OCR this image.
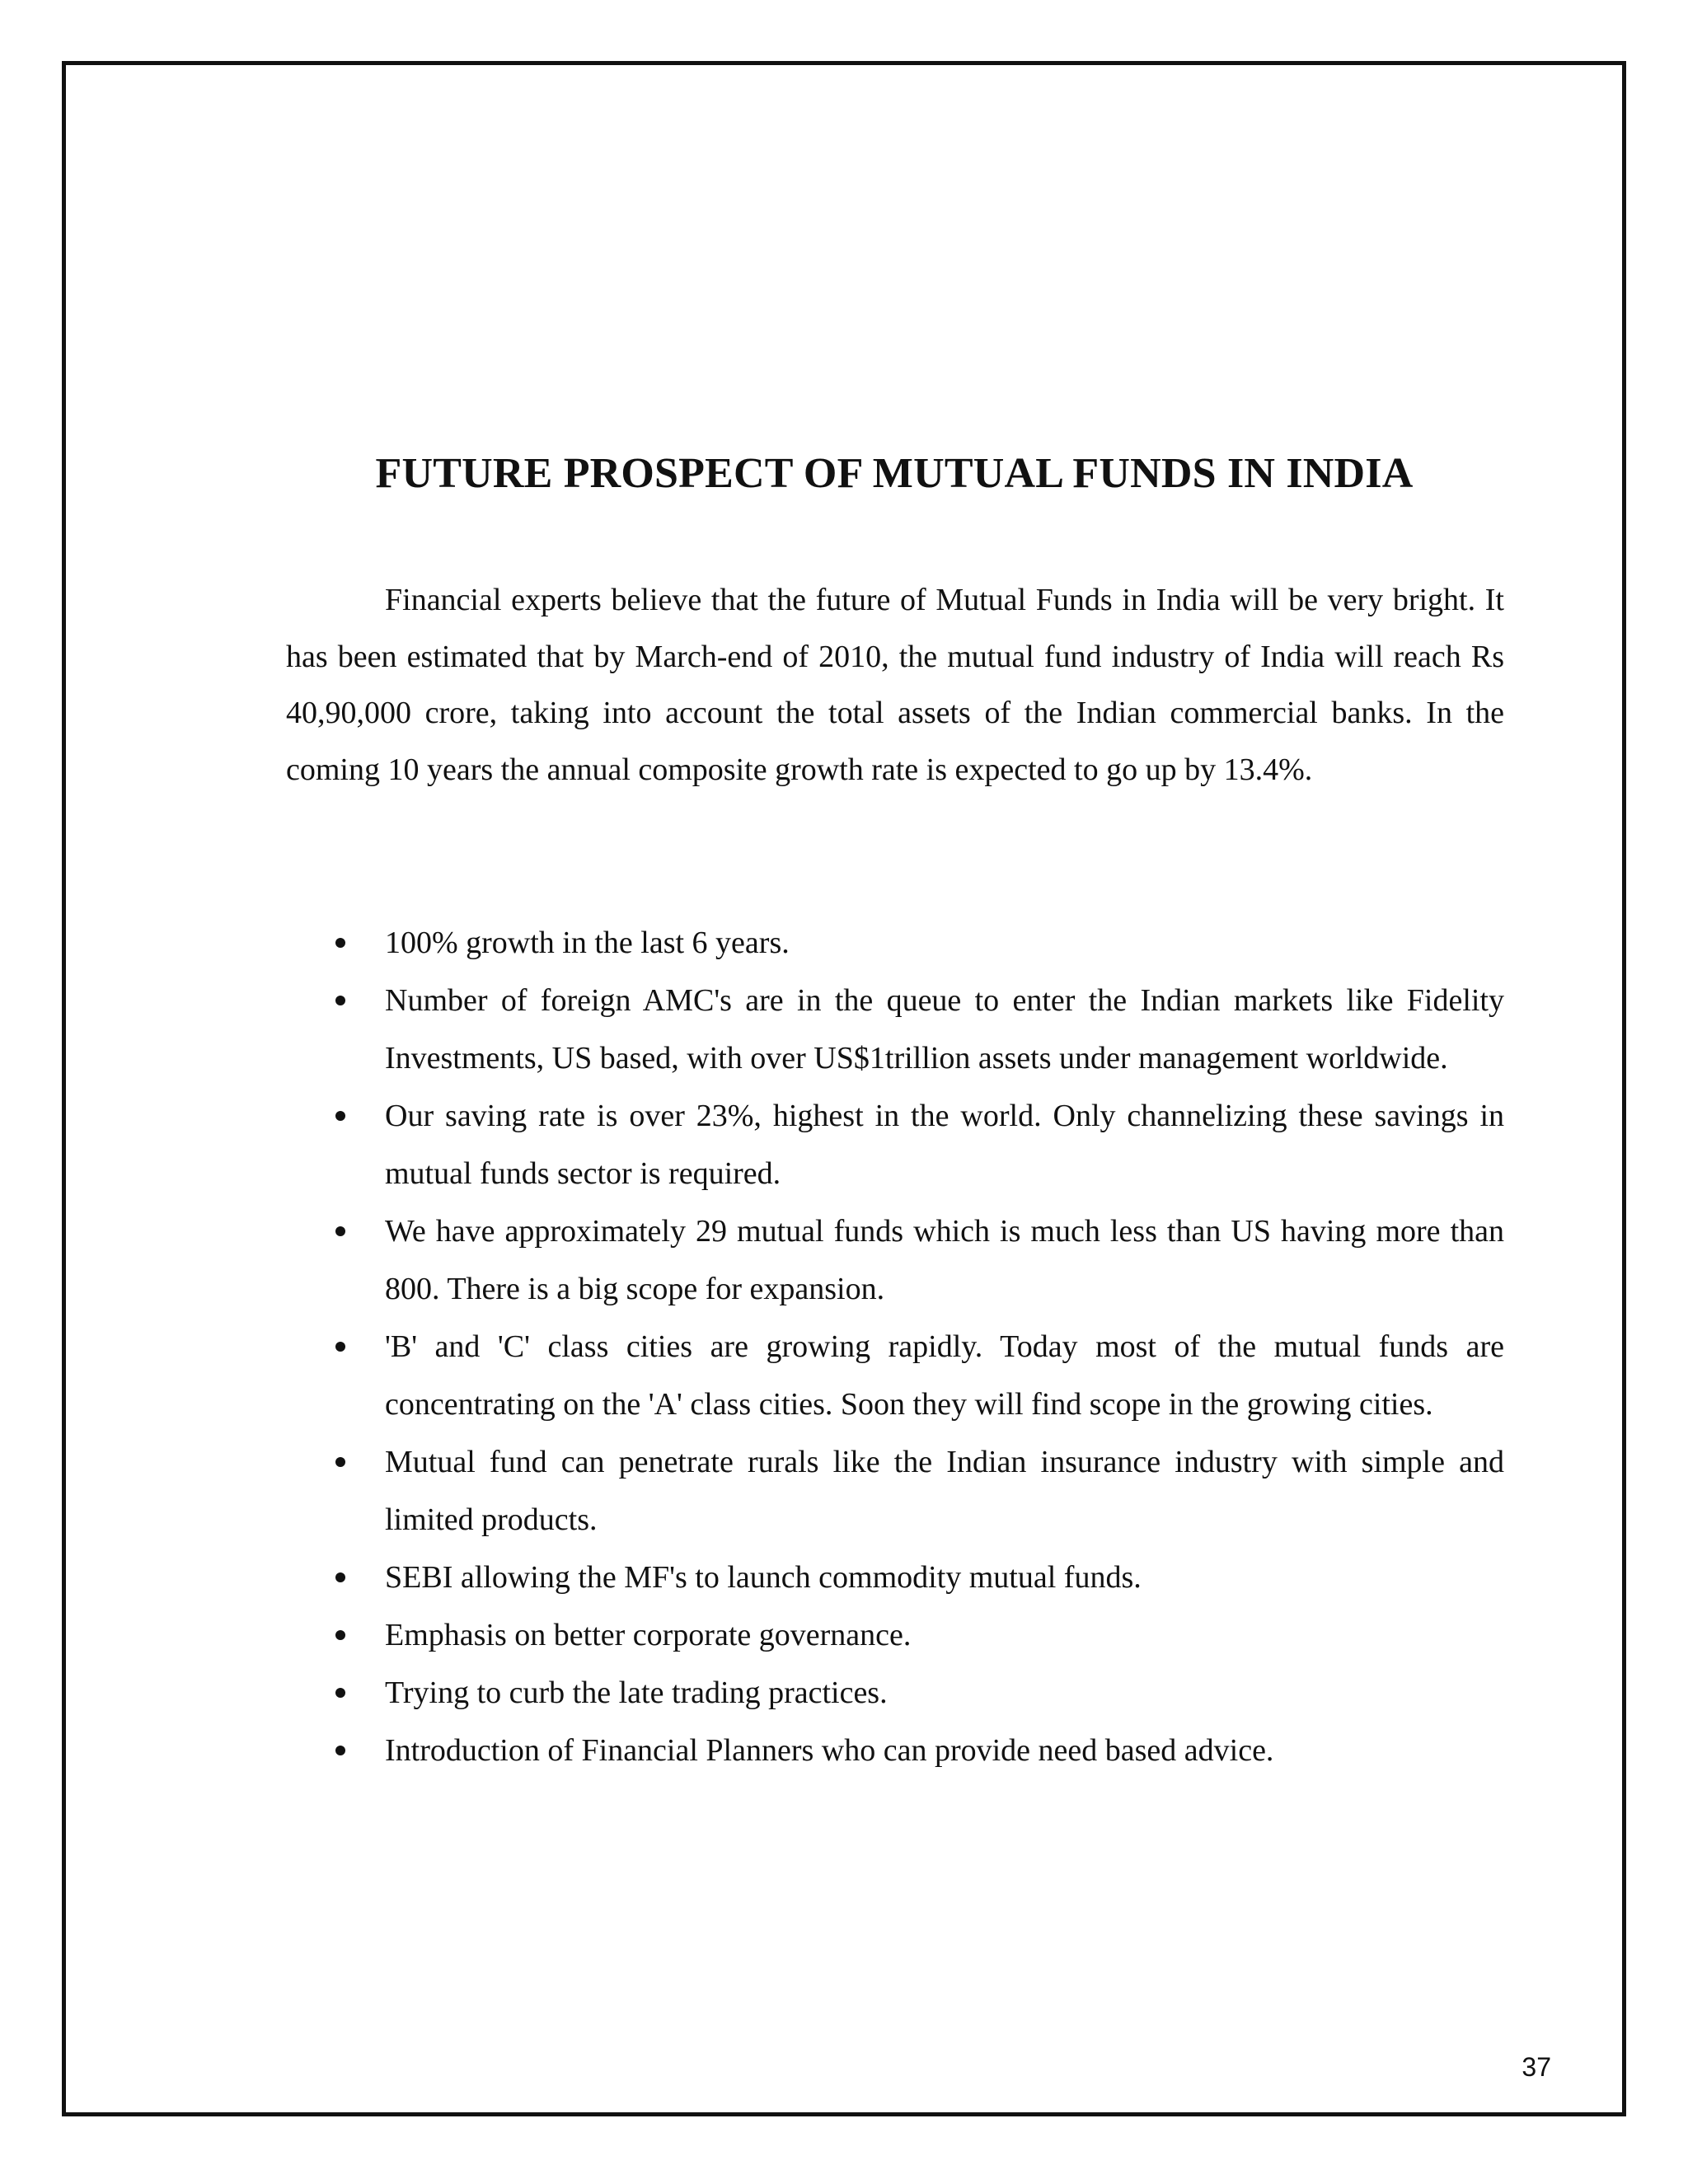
FUTURE PROSPECT OF MUTUAL FUNDS IN INDIA

Financial experts believe that the future of Mutual Funds in India will be very bright. It has been estimated that by March-end of 2010, the mutual fund industry of India will reach Rs 40,90,000 crore, taking into account the total assets of the Indian commercial banks. In the coming 10 years the annual composite growth rate is expected to go up by 13.4%.

100% growth in the last 6 years.
Number of foreign AMC's are in the queue to enter the Indian markets like Fidelity Investments, US based, with over US$1trillion assets under management worldwide.
Our saving rate is over 23%, highest in the world. Only channelizing these savings in mutual funds sector is required.
We have approximately 29 mutual funds which is much less than US having more than 800. There is a big scope for expansion.
'B' and 'C' class cities are growing rapidly. Today most of the mutual funds are concentrating on the 'A' class cities. Soon they will find scope in the growing cities.
Mutual fund can penetrate rurals like the Indian insurance industry with simple and limited products.
SEBI allowing the MF's to launch commodity mutual funds.
Emphasis on better corporate governance.
Trying to curb the late trading practices.
Introduction of Financial Planners who can provide need based advice.
37
